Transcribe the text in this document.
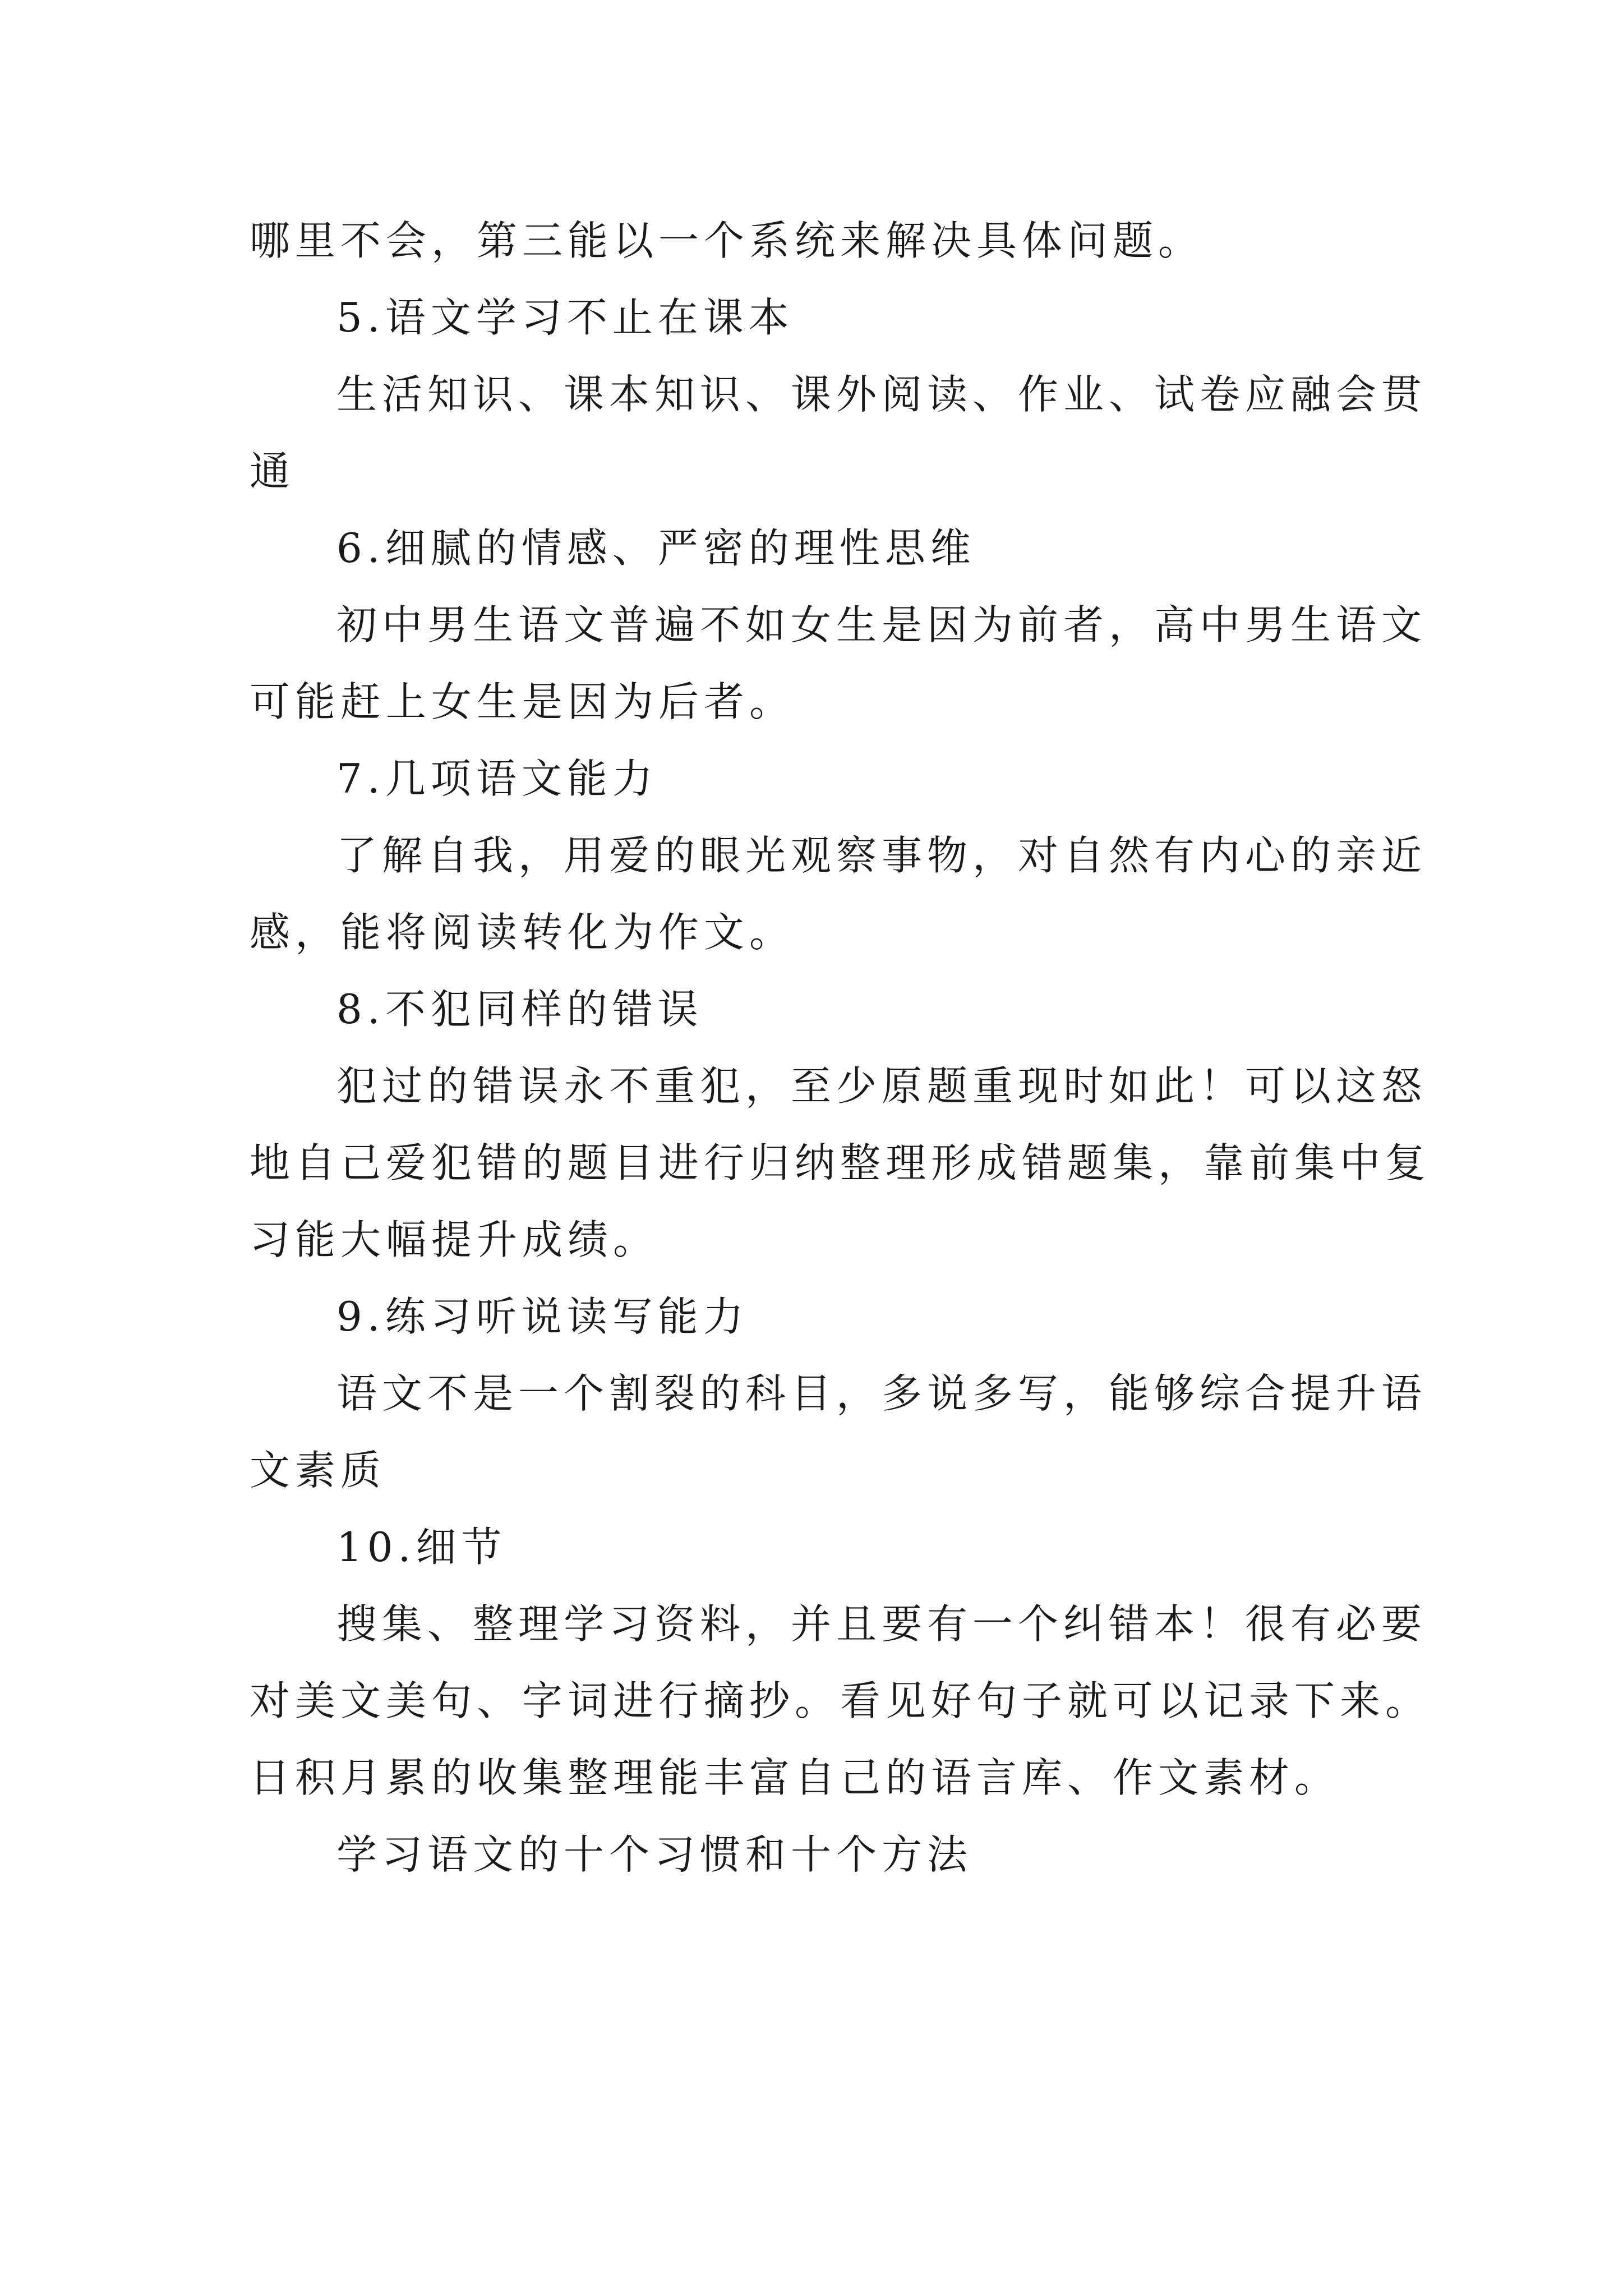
哪里不会，第三能以一个系统来解决具体问题。
5.语文学习不止在课本
生活知识、课本知识、课外阅读、作业、试卷应融会贯
通
6.细腻的情感、严密的理性思维
初中男生语文普遍不如女生是因为前者，高中男生语文
可能赶上女生是因为后者。
7.几项语文能力
了解自我，用爱的眼光观察事物，对自然有内心的亲近
感，能将阅读转化为作文。
8.不犯同样的错误
犯过的错误永不重犯，至少原题重现时如此！可以这怒
地自己爱犯错的题目进行归纳整理形成错题集，靠前集中复
习能大幅提升成绩。
9.练习听说读写能力
语文不是一个割裂的科目，多说多写，能够综合提升语
文素质
10.细节
搜集、整理学习资料，并且要有一个纠错本！很有必要
对美文美句、字词进行摘抄。看见好句子就可以记录下来。
日积月累的收集整理能丰富自己的语言库、作文素材。
学习语文的十个习惯和十个方法
